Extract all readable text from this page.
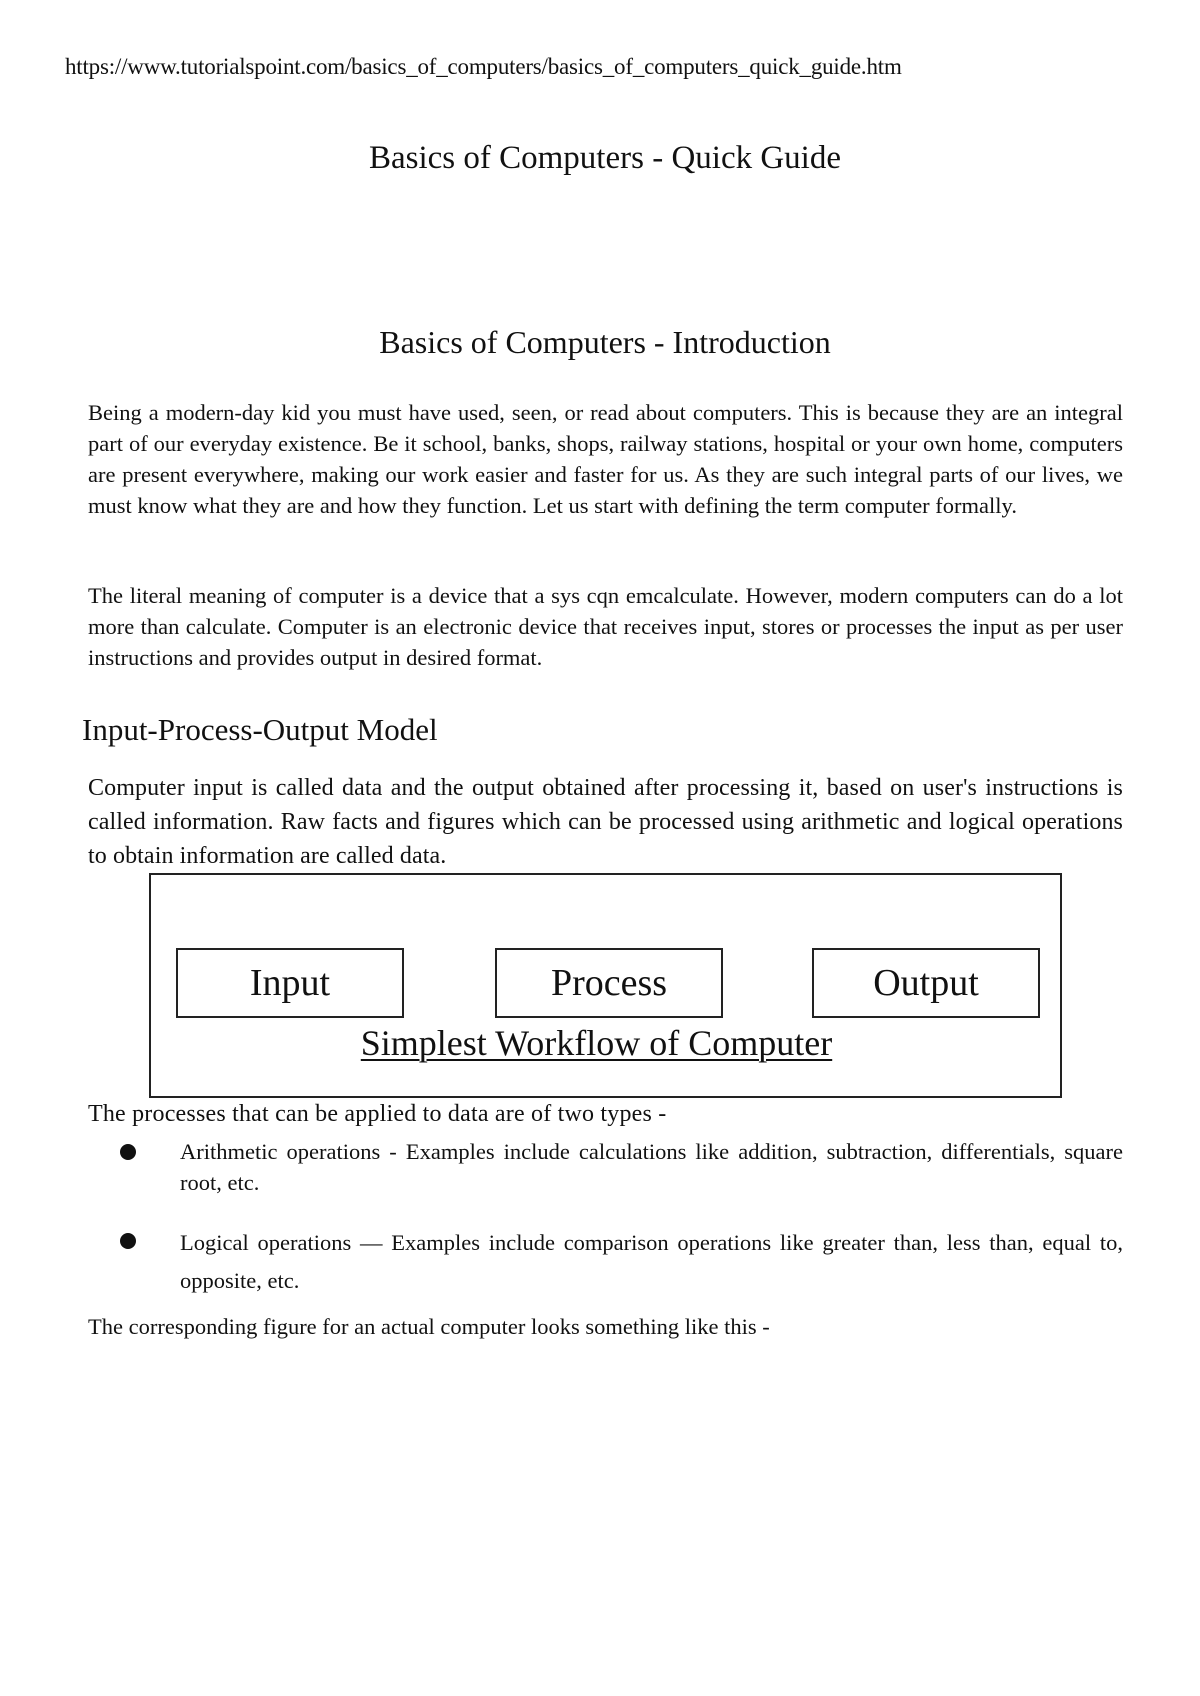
https://www.tutorialspoint.com/basics_of_computers/basics_of_computers_quick_guide.htm
Basics of Computers - Quick Guide
Basics of Computers - Introduction

Being a modern-day kid you must have used, seen, or read about computers. This is because they are an integral part of our everyday existence. Be it school, banks, shops, railway stations, hospital or your own home, computers are present everywhere, making our work easier and faster for us. As they are such integral parts of our lives, we must know what they are and how they function. Let us start with defining the term computer formally.

The literal meaning of computer is a device that a sys cqn emcalculate. However, modern computers can do a lot more than calculate. Computer is an electronic device that receives input, stores or processes the input as per user instructions and provides output in desired format.

Input-Process-Output Model

Computer input is called data and the output obtained after processing it, based on user's instructions is called information. Raw facts and figures which can be processed using arithmetic and logical operations to obtain information are called data.

Input	Process	Output
Simplest Workflow of Computer
The processes that can be applied to data are of two types -
Arithmetic operations - Examples include calculations like addition, subtraction, differentials, square root, etc.
Logical operations — Examples include comparison operations like greater than, less than, equal to, opposite, etc.
The corresponding figure for an actual computer looks something like this -
